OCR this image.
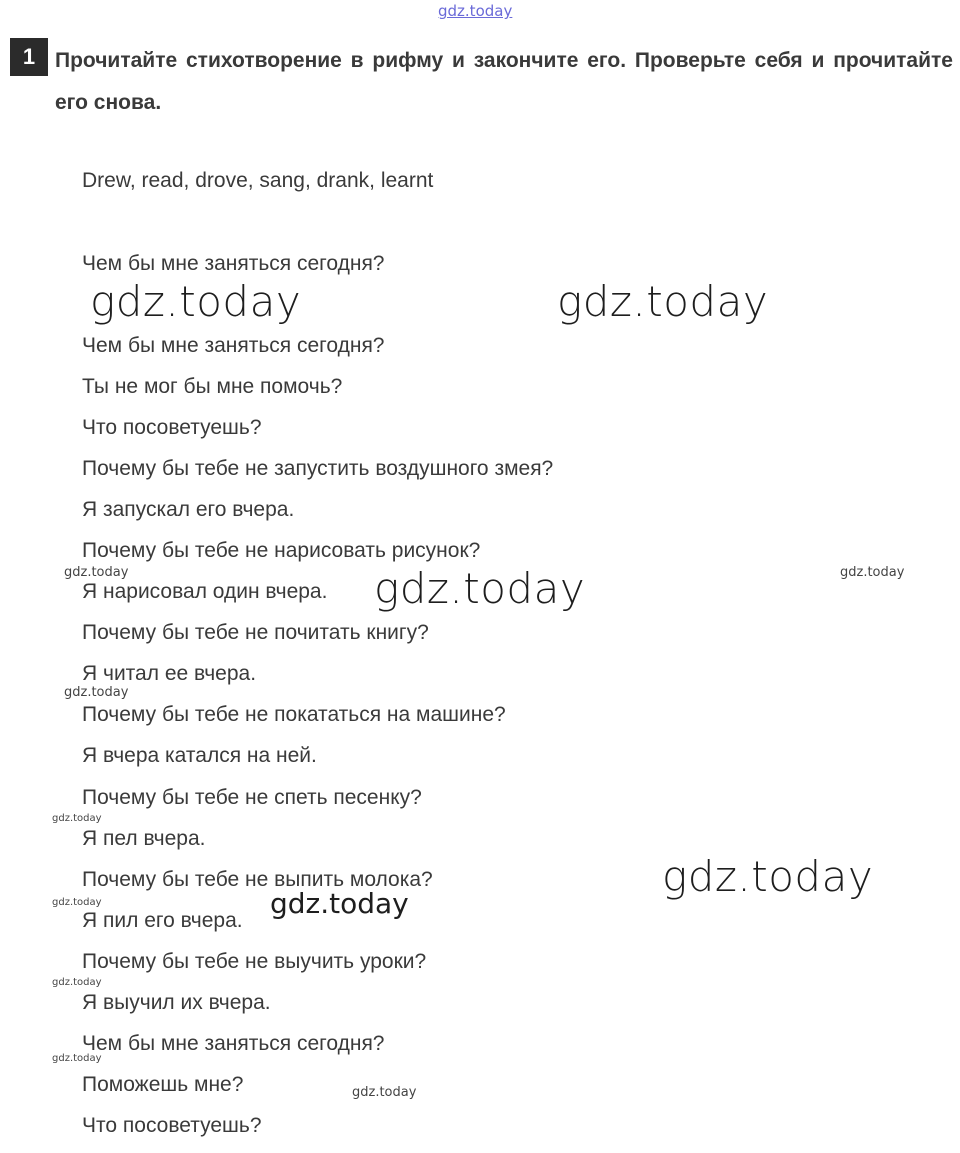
gdz.today
gdz.today	gdz.today
gdz.today
gdz.today
gdz.today
gdz.today	gdz.today
gdz.today
gdz.today
gdz.today
gdz.today
gdz.today
gdz.today
1 Прочитайте стихотворение в рифму и закончите его. Проверьте себя и прочитайте его снова.
Drew, read, drove, sang, drank, learnt
Чем бы мне заняться сегодня?
Чем бы мне заняться сегодня?
Ты не мог бы мне помочь?
Что посоветуешь?
Почему бы тебе не запустить воздушного змея?
Я запускал его вчера.
Почему бы тебе не нарисовать рисунок?
Я нарисовал один вчера.
Почему бы тебе не почитать книгу?
Я читал ее вчера.
Почему бы тебе не покататься на машине?
Я вчера катался на ней.
Почему бы тебе не спеть песенку?
Я пел вчера.
Почему бы тебе не выпить молока?
Я пил его вчера.
Почему бы тебе не выучить уроки?
Я выучил их вчера.
Чем бы мне заняться сегодня?
Поможешь мне?
Что посоветуешь?
